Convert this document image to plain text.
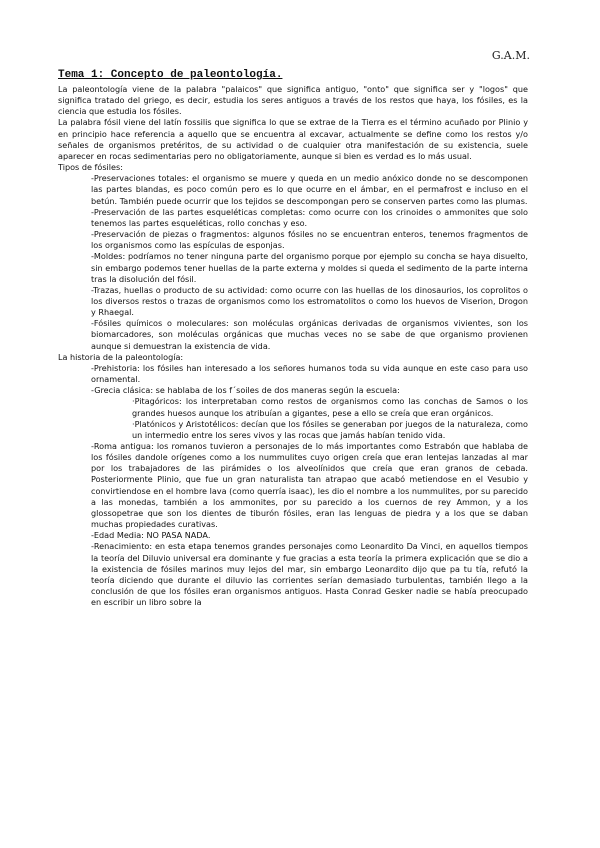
G.A.M.
Tema 1: Concepto de paleontología.

La paleontología viene de la palabra "palaicos" que significa antiguo, "onto" que significa ser y "logos" que significa tratado del griego, es decir, estudia los seres antiguos a través de los restos que haya, los fósiles, es la ciencia que estudia los fósiles.

La palabra fósil viene del latín fossilis que significa lo que se extrae de la Tierra es el término acuñado por Plinio y en principio hace referencia a aquello que se encuentra al excavar, actualmente se define como los restos y/o señales de organismos pretéritos, de su actividad o de cualquier otra manifestación de su existencia, suele aparecer en rocas sedimentarias pero no obligatoriamente, aunque si bien es verdad es lo más usual.

Tipos de fósiles:

-Preservaciones totales: el organismo se muere y queda en un medio anóxico donde no se descomponen las partes blandas, es poco común pero es lo que ocurre en el ámbar, en el permafrost e incluso en el betún. También puede ocurrir que los tejidos se descompongan pero se conserven partes como las plumas.

-Preservación de las partes esqueléticas completas: como ocurre con los crinoides o ammonites que solo tenemos las partes esqueléticas, rollo conchas y eso.

-Preservación de piezas o fragmentos: algunos fósiles no se encuentran enteros, tenemos fragmentos de los organismos como las espículas de esponjas.

-Moldes: podríamos no tener ninguna parte del organismo porque por ejemplo su concha se haya disuelto, sin embargo podemos tener huellas de la parte externa y moldes si queda el sedimento de la parte interna tras la disolución del fósil.

-Trazas, huellas o producto de su actividad: como ocurre con las huellas de los dinosaurios, los coprolitos o los diversos restos o trazas de organismos como los estromatolitos o como los huevos de Viserion, Drogon y Rhaegal.

-Fósiles químicos o moleculares: son moléculas orgánicas derivadas de organismos vivientes, son los biomarcadores, son moléculas orgánicas que muchas veces no se sabe de que organismo provienen aunque si demuestran la existencia de vida.

La historia de la paleontología:

-Prehistoria: los fósiles han interesado a los señores humanos toda su vida aunque en este caso para uso ornamental.

-Grecia clásica: se hablaba de los f´soiles de dos maneras según la escuela:

·Pitagóricos: los interpretaban como restos de organismos como las conchas de Samos o los grandes huesos aunque los atribuían a gigantes, pese a ello se creía que eran orgánicos.

·Platónicos y Aristotélicos: decían que los fósiles se generaban por juegos de la naturaleza, como un intermedio entre los seres vivos y las rocas que jamás habían tenido vida.

-Roma antigua: los romanos tuvieron a personajes de lo más importantes como Estrabón que hablaba de los fósiles dandole orígenes como a los nummulites cuyo origen creía que eran lentejas lanzadas al mar por los trabajadores de las pirámides o los alveolínidos que creía que eran granos de cebada. Posteriormente Plinio, que fue un gran naturalista tan atrapao que acabó metiendose en el Vesubio y convirtiendose en el hombre lava (como querría isaac), les dio el nombre a los nummulites, por su parecido a las monedas, también a los ammonites, por su parecido a los cuernos de rey Ammon, y a los glossopetrae que son los dientes de tiburón fósiles, eran las lenguas de piedra y a los que se daban muchas propiedades curativas.

-Edad Media: NO PASA NADA.

-Renacimiento: en esta etapa tenemos grandes personajes como Leonardito Da Vinci, en aquellos tiempos la teoría del Diluvio universal era dominante y fue gracias a esta teoría la primera explicación que se dio a la existencia de fósiles marinos muy lejos del mar, sin embargo Leonardito dijo que pa tu tía, refutó la teoría diciendo que durante el diluvio las corrientes serían demasiado turbulentas, también llego a la conclusión de que los fósiles eran organismos antiguos. Hasta Conrad Gesker nadie se había preocupado en escribir un libro sobre la
